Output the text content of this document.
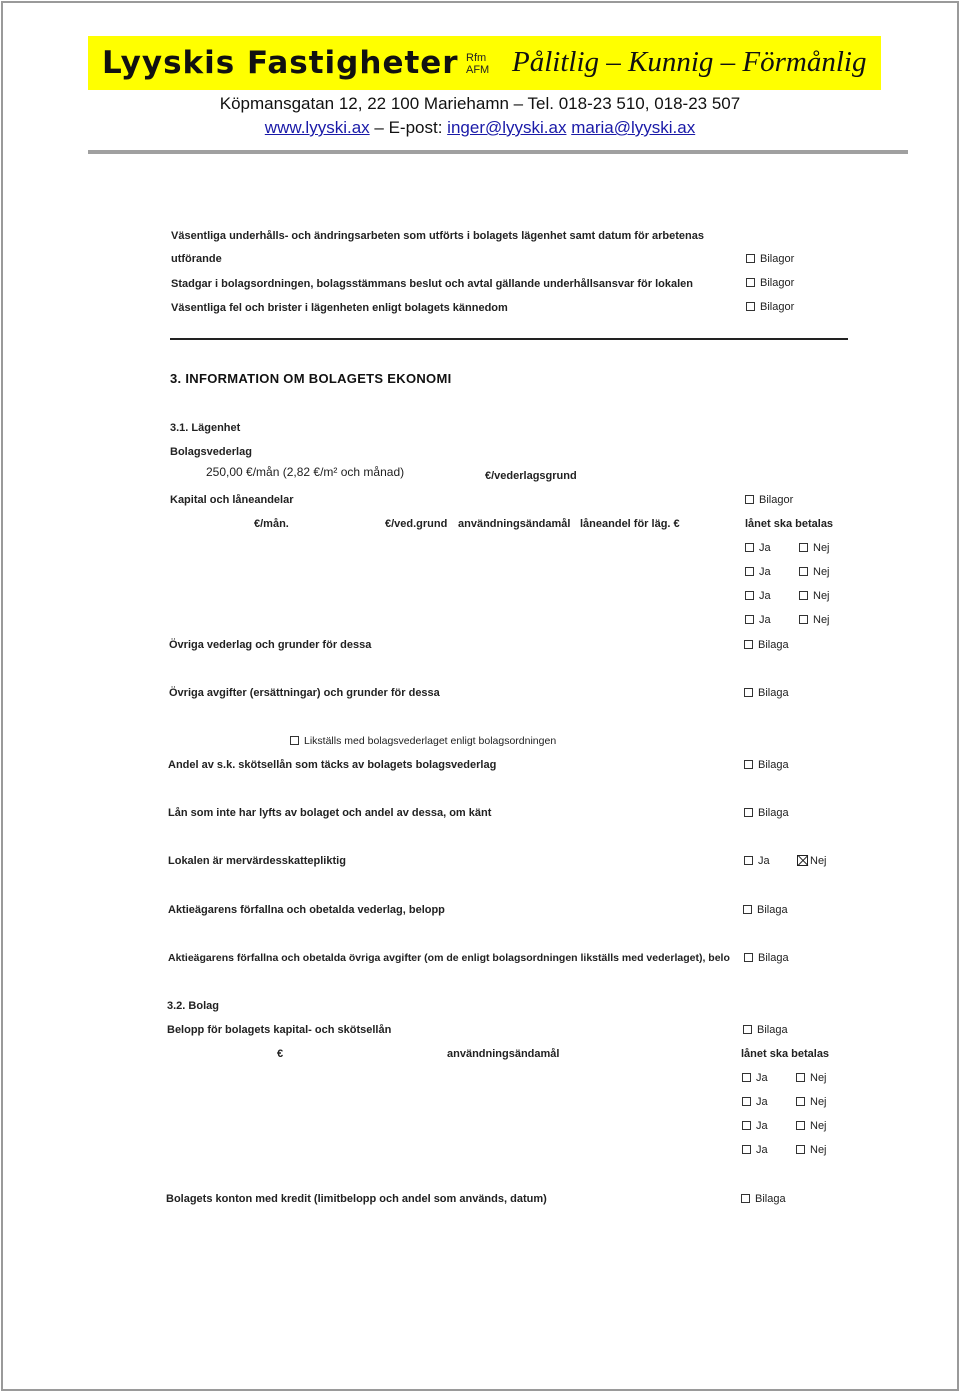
Lyyskis Fastigheter Rfm
AFM Pålitlig – Kunnig – Förmånlig
Köpmansgatan 12, 22 100 Mariehamn – Tel. 018-23 510, 018-23 507
www.lyyski.ax – E-post: inger@lyyski.ax maria@lyyski.ax
Väsentliga underhålls- och ändringsarbeten som utförts i bolagets lägenhet samt datum för arbetenas
utförande	Bilagor
Stadgar i bolagsordningen, bolagsstämmans beslut och avtal gällande underhållsansvar för lokalen	Bilagor
Väsentliga fel och brister i lägenheten enligt bolagets kännedom	Bilagor
3. INFORMATION OM BOLAGETS EKONOMI
3.1. Lägenhet
Bolagsvederlag
250,00 €/mån (2,82 €/m² och månad)	€/vederlagsgrund
Kapital och låneandelar	Bilagor
€/mån.	€/ved.grund användningsändamål låneandel för läg. €	lånet ska betalas
Ja	Nej
Ja	Nej
Ja	Nej
Ja	Nej
Övriga vederlag och grunder för dessa	Bilaga
Övriga avgifter (ersättningar) och grunder för dessa	Bilaga
Likställs med bolagsvederlaget enligt bolagsordningen
Andel av s.k. skötsellån som täcks av bolagets bolagsvederlag	Bilaga
Lån som inte har lyfts av bolaget och andel av dessa, om känt	Bilaga
Lokalen är mervärdesskattepliktig	Ja	Nej
Aktieägarens förfallna och obetalda vederlag, belopp	Bilaga
Aktieägarens förfallna och obetalda övriga avgifter (om de enligt bolagsordningen likställs med vederlaget), belo	Bilaga
3.2. Bolag
Belopp för bolagets kapital- och skötsellån	Bilaga
€	användningsändamål	lånet ska betalas
Ja	Nej
Ja	Nej
Ja	Nej
Ja	Nej
Bolagets konton med kredit (limitbelopp och andel som används, datum)	Bilaga
